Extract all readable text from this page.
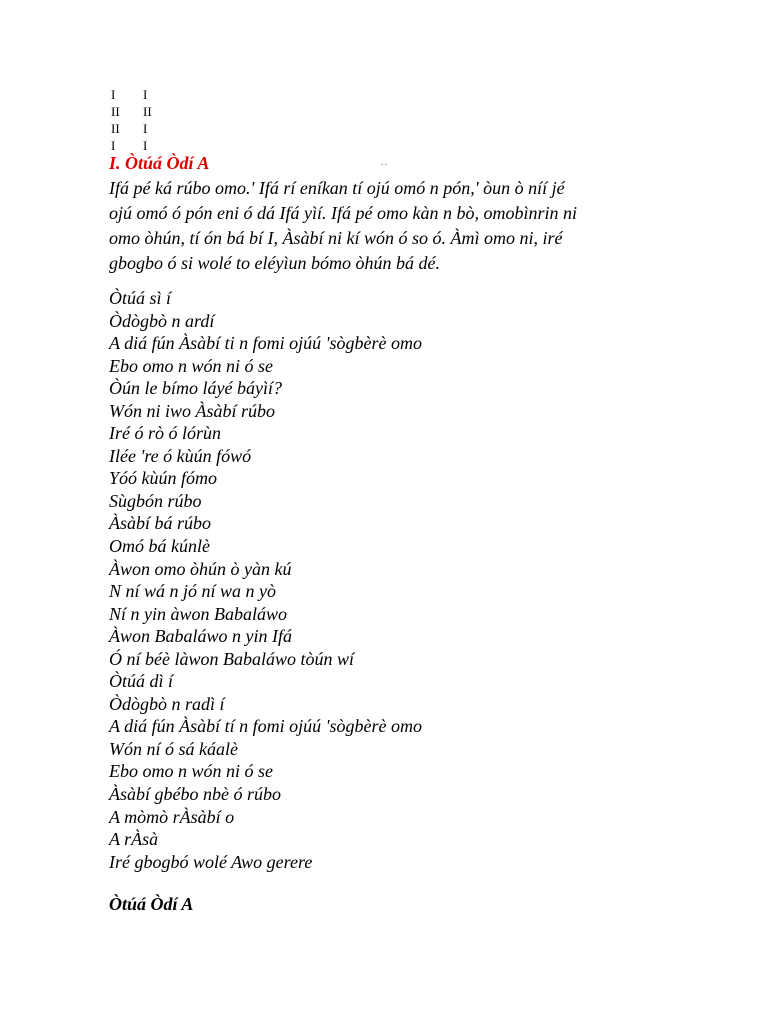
I	I
II	II
II	I
I	I
I. Òtúá Òdí A	. .

Ifá pé ká rúbo omo.' Ifá rí eníkan tí ojú omó n pón,' òun ò níí jé

ojú omó ó pón eni ó dá Ifá yìí. Ifá pé omo kàn n bò, omobìnrin ni

omo òhún, tí ón bá bí I, Àsàbí ni kí wón ó so ó. Àmì omo ni, iré

gbogbo ó si wolé to eléyìun bómo òhún bá dé.

Òtúá sì í

Òdògbò n ardí

A diá fún Àsàbí ti n fomi ojúú 'sògbèrè omo

Ebo omo n wón ni ó se

Òún le bímo láyé báyìí?

Wón ni iwo Àsàbí rúbo

Iré ó rò ó lórùn

Ilée 're ó kùún fówó

Yóó kùún fómo

Sùgbón rúbo

Àsàbí bá rúbo

Omó bá kúnlè

Àwon omo òhún ò yàn kú

N ní wá n jó ní wa n yò

Ní n yin àwon Babaláwo

Àwon Babaláwo n yin Ifá

Ó ní béè làwon Babaláwo tòún wí

Òtúá dì í

Òdògbò n radì í

A diá fún Àsàbí tí n fomi ojúú 'sògbèrè omo

Wón ní ó sá káalè

Ebo omo n wón ni ó se

Àsàbí gbébo nbè ó rúbo

A mòmò rÀsàbí o

A rÀsà

Iré gbogbó wolé Awo gerere

Òtúá Òdí A
